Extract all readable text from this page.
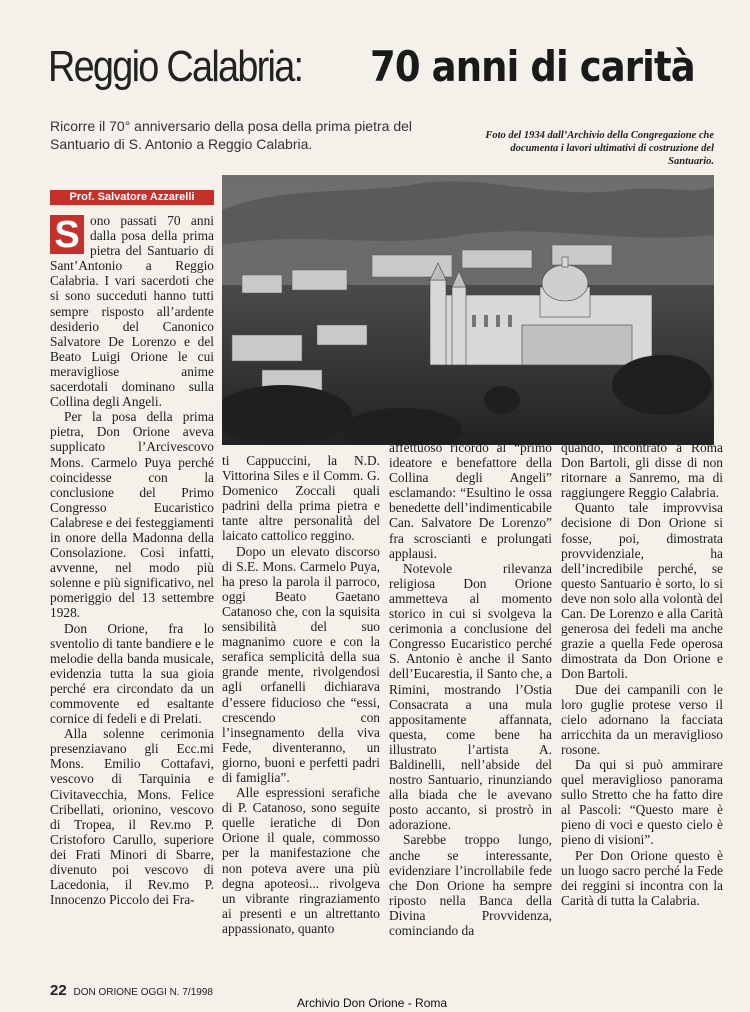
Reggio Calabria: 70 anni di carità
Ricorre il 70° anniversario della posa della prima pietra del Santuario di S. Antonio a Reggio Calabria.
Foto del 1934 dall’Archivio della Congregazione che documenta i lavori ultimativi di costruzione del Santuario.
Prof. Salvatore Azzarelli

S ono passati 70 anni dalla posa della prima pietra del Santuario di Sant’Antonio a Reggio Calabria. I vari sacerdoti che si sono succeduti hanno tutti sempre risposto all’ardente desiderio del Canonico Salvatore De Lorenzo e del Beato Luigi Orione le cui meravigliose anime sacerdotali dominano sulla Collina degli Angeli.

Per la posa della prima pietra, Don Orione aveva supplicato l’Arcivescovo Mons. Carmelo Puya perché coincidesse con la conclusione del Primo Congresso Eucaristico Calabrese e dei festeggiamenti in onore della Madonna della Consolazione. Così infatti, avvenne, nel modo più solenne e più significativo, nel pomeriggio del 13 settembre 1928.

Don Orione, fra lo sventolio di tante bandiere e le melodie della banda musicale, evidenzia tutta la sua gioia perché era circondato da un commovente ed esaltante cornice di fedeli e di Prelati.

Alla solenne cerimonia presenziavano gli Ecc.mi Mons. Emilio Cottafavi, vescovo di Tarquinia e Civitavecchia, Mons. Felice Cribellati, orionino, vescovo di Tropea, il Rev.mo P. Cristoforo Carullo, superiore dei Frati Minori di Sbarre, divenuto poi vescovo di Lacedonia, il Rev.mo P. Innocenzo Piccolo dei Fra-

ti Cappuccini, la N.D. Vittorina Siles e il Comm. G. Domenico Zoccali quali padrini della prima pietra e tante altre personalità del laicato cattolico reggino.

Dopo un elevato discorso di S.E. Mons. Carmelo Puya, ha preso la parola il parroco, oggi Beato Gaetano Catanoso che, con la squisita sensibilità del suo magnanimo cuore e con la serafica semplicità della sua grande mente, rivolgendosi agli orfanelli dichiarava d’essere fiducioso che “essi, crescendo con l’insegnamento della viva Fede, diventeranno, un giorno, buoni e perfetti padri di famiglia”.

Alle espressioni serafiche di P. Catanoso, sono seguite quelle ieratiche di Don Orione il quale, commosso per la manifestazione che non poteva avere una più degna apoteosi... rivolgeva un vibrante ringraziamento ai presenti e un altrettanto appassionato, quanto

affettuoso ricordo al “primo ideatore e benefattore della Collina degli Angeli” esclamando: “Esultino le ossa benedette dell’indimenticabile Can. Salvatore De Lorenzo” fra scroscianti e prolungati applausi.

Notevole rilevanza religiosa Don Orione ammetteva al momento storico in cui si svolgeva la cerimonia a conclusione del Congresso Eucaristico perché S. Antonio è anche il Santo dell’Eucarestia, il Santo che, a Rimini, mostrando l’Ostia Consacrata a una mula appositamente affannata, questa, come bene ha illustrato l’artista A. Baldinelli, nell’abside del nostro Santuario, rinunziando alla biada che le avevano posto accanto, si prostrò in adorazione.

Sarebbe troppo lungo, anche se interessante, evidenziare l’incrollabile fede che Don Orione ha sempre riposto nella Banca della Divina Provvidenza, cominciando da

quando, incontrato a Roma Don Bartoli, gli disse di non ritornare a Sanremo, ma di raggiungere Reggio Calabria.

Quanto tale improvvisa decisione di Don Orione si fosse, poi, dimostrata provvidenziale, ha dell’incredibile perché, se questo Santuario è sorto, lo si deve non solo alla volontà del Can. De Lorenzo e alla Carità generosa dei fedeli ma anche grazie a quella Fede operosa dimostrata da Don Orione e Don Bartoli.

Due dei campanili con le loro guglie protese verso il cielo adornano la facciata arricchita da un meraviglioso rosone.

Da qui si può ammirare quel meraviglioso panorama sullo Stretto che ha fatto dire al Pascoli: “Questo mare è pieno di voci e questo cielo è pieno di visioni”.

Per Don Orione questo è un luogo sacro perché la Fede dei reggini si incontra con la Carità di tutta la Calabria.

22 DON ORIONE OGGI N. 7/1998
Archivio Don Orione - Roma
